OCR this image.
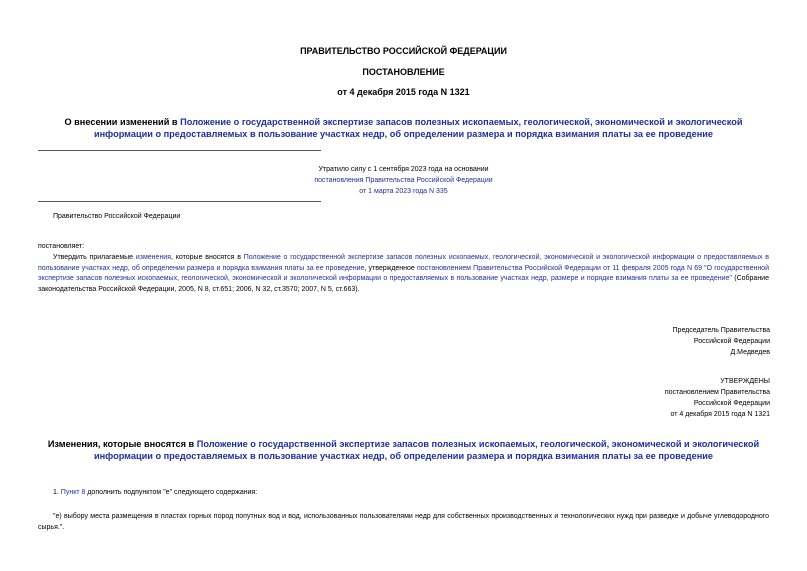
ПРАВИТЕЛЬСТВО РОССИЙСКОЙ ФЕДЕРАЦИИ
ПОСТАНОВЛЕНИЕ
от 4 декабря 2015 года N 1321
О внесении изменений в Положение о государственной экспертизе запасов полезных ископаемых, геологической, экономической и экологической информации о предоставляемых в пользование участках недр, об определении размера и порядка взимания платы за ее проведение
Утратило силу с 1 сентября 2023 года на основании
постановления Правительства Российской Федерации
от 1 марта 2023 года N 335
Правительство Российской Федерации
постановляет:
Утвердить прилагаемые изменения, которые вносятся в Положение о государственной экспертизе запасов полезных ископаемых, геологической, экономической и экологической информации о предоставляемых в пользование участках недр, об определении размера и порядка взимания платы за ее проведение, утвержденное постановлением Правительства Российской Федерации от 11 февраля 2005 года N 69 "О государственной экспертизе запасов полезных ископаемых, геологической, экономической и экологической информации о предоставляемых в пользование участках недр, размере и порядке взимания платы за ее проведение" (Собрание законодательства Российской Федерации, 2005, N 8, ст.651; 2006, N 32, ст.3570; 2007, N 5, ст.663).
Председатель Правительства
Российской Федерации
Д.Медведев
УТВЕРЖДЕНЫ
постановлением Правительства
Российской Федерации
от 4 декабря 2015 года N 1321
Изменения, которые вносятся в Положение о государственной экспертизе запасов полезных ископаемых, геологической, экономической и экологической информации о предоставляемых в пользование участках недр, об определении размера и порядка взимания платы за ее проведение
1. Пункт 8 дополнить подпунктом "е" следующего содержания:
"е) выбору места размещения в пластах горных пород попутных вод и вод, использованных пользователями недр для собственных производственных и технологических нужд при разведке и добыче углеводородного сырья.".
